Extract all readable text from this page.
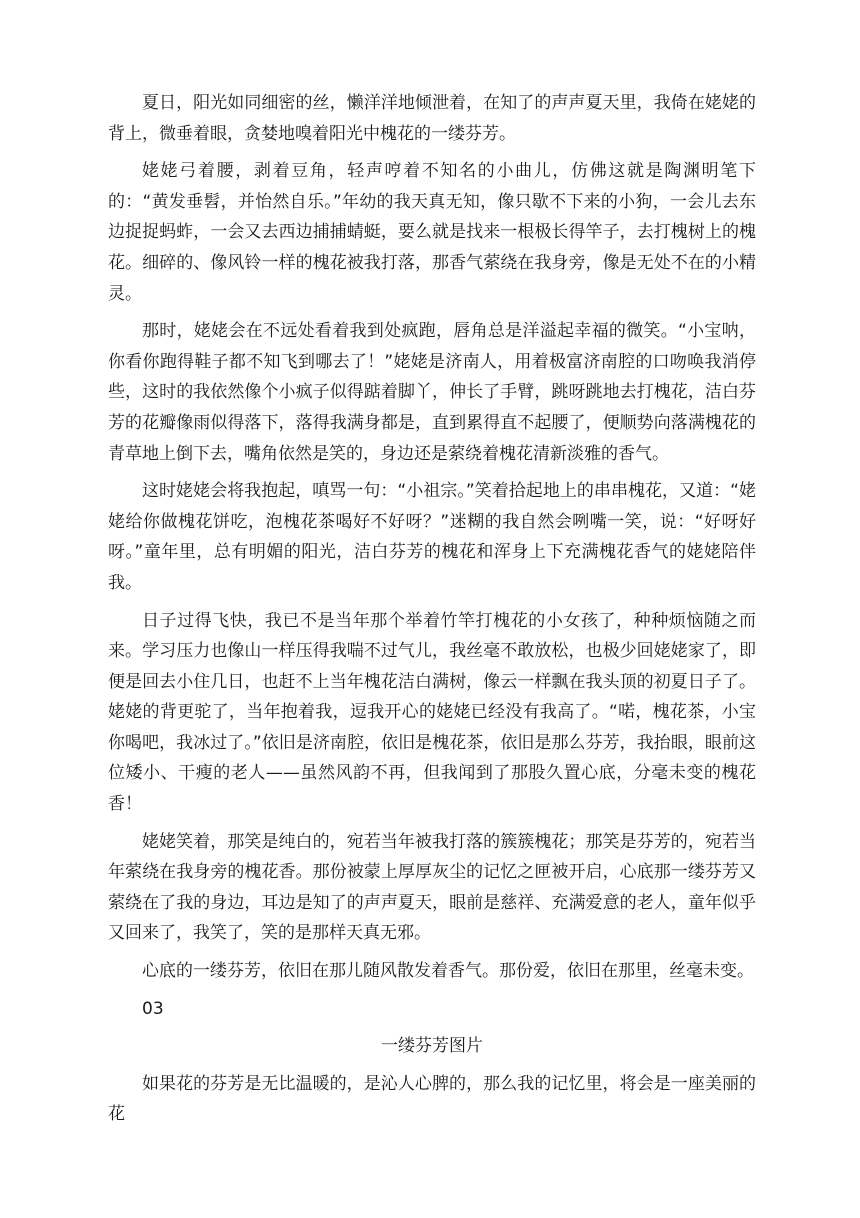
夏日，阳光如同细密的丝，懒洋洋地倾泄着，在知了的声声夏天里，我倚在姥姥的背上，微垂着眼，贪婪地嗅着阳光中槐花的一缕芬芳。

姥姥弓着腰，剥着豆角，轻声哼着不知名的小曲儿，仿佛这就是陶渊明笔下的：“黄发垂髫，并怡然自乐。”年幼的我天真无知，像只歇不下来的小狗，一会儿去东边捉捉蚂蚱，一会又去西边捕捕蜻蜓，要么就是找来一根极长得竿子，去打槐树上的槐花。细碎的、像风铃一样的槐花被我打落，那香气萦绕在我身旁，像是无处不在的小精灵。

那时，姥姥会在不远处看着我到处疯跑，唇角总是洋溢起幸福的微笑。“小宝呐，你看你跑得鞋子都不知飞到哪去了！”姥姥是济南人，用着极富济南腔的口吻唤我消停些，这时的我依然像个小疯子似得踮着脚丫，伸长了手臂，跳呀跳地去打槐花，洁白芬芳的花瓣像雨似得落下，落得我满身都是，直到累得直不起腰了，便顺势向落满槐花的青草地上倒下去，嘴角依然是笑的，身边还是萦绕着槐花清新淡雅的香气。

这时姥姥会将我抱起，嗔骂一句：“小祖宗。”笑着拾起地上的串串槐花，又道：“姥姥给你做槐花饼吃，泡槐花茶喝好不好呀？”迷糊的我自然会咧嘴一笑，说：“好呀好呀。”童年里，总有明媚的阳光，洁白芬芳的槐花和浑身上下充满槐花香气的姥姥陪伴我。

日子过得飞快，我已不是当年那个举着竹竿打槐花的小女孩了，种种烦恼随之而来。学习压力也像山一样压得我喘不过气儿，我丝毫不敢放松，也极少回姥姥家了，即便是回去小住几日，也赶不上当年槐花洁白满树，像云一样飘在我头顶的初夏日子了。姥姥的背更驼了，当年抱着我，逗我开心的姥姥已经没有我高了。“喏，槐花茶，小宝你喝吧，我冰过了。”依旧是济南腔，依旧是槐花茶，依旧是那么芬芳，我抬眼，眼前这位矮小、干瘦的老人——虽然风韵不再，但我闻到了那股久置心底，分毫未变的槐花香！

姥姥笑着，那笑是纯白的，宛若当年被我打落的簇簇槐花；那笑是芬芳的，宛若当年萦绕在我身旁的槐花香。那份被蒙上厚厚灰尘的记忆之匣被开启，心底那一缕芬芳又萦绕在了我的身边，耳边是知了的声声夏天，眼前是慈祥、充满爱意的老人，童年似乎又回来了，我笑了，笑的是那样天真无邪。

心底的一缕芬芳，依旧在那儿随风散发着香气。那份爱，依旧在那里，丝毫未变。

03

一缕芬芳图片

如果花的芬芳是无比温暖的，是沁人心脾的，那么我的记忆里，将会是一座美丽的花
